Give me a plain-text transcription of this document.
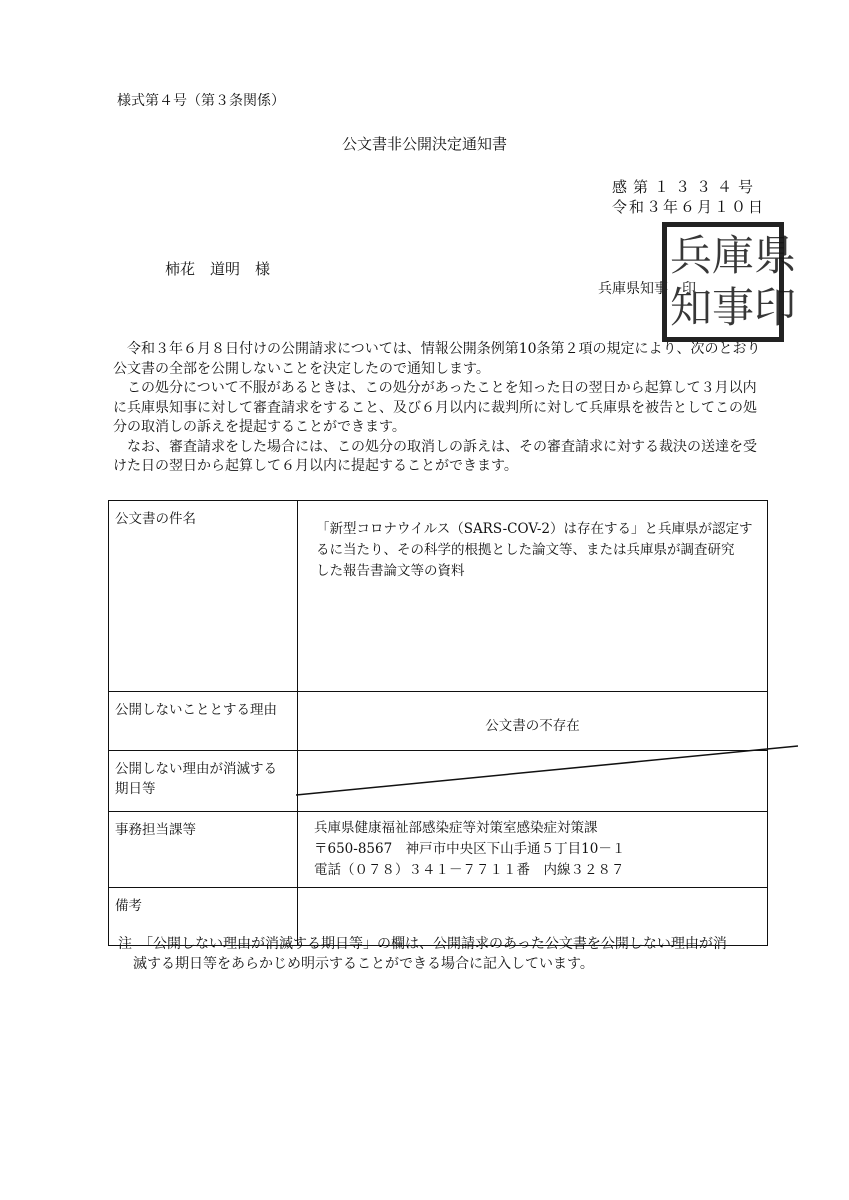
様式第４号（第３条関係）
公文書非公開決定通知書
感第１３３４号
令和３年６月１０日
柿花　道明　様
兵庫県知事　印
兵 庫 県
知 事 印

令和３年６月８日付けの公開請求については、情報公開条例第10条第２項の規定により、次のとおり公文書の全部を公開しないことを決定したので通知します。

この処分について不服があるときは、この処分があったことを知った日の翌日から起算して３月以内に兵庫県知事に対して審査請求をすること、及び６月以内に裁判所に対して兵庫県を被告としてこの処分の取消しの訴えを提起することができます。

なお、審査請求をした場合には、この処分の取消しの訴えは、その審査請求に対する裁決の送達を受けた日の翌日から起算して６月以内に提起することができます。

公文書の件名	「新型コロナウイルス（SARS-COV-2）は存在する」と兵庫県が認定す
るに当たり、その科学的根拠とした論文等、または兵庫県が調査研究
した報告書論文等の資料

公開しないこととする理由	公文書の不存在

公開しない理由が消滅する
期日等	

事務担当課等	兵庫県健康福祉部感染症等対策室感染症対策課
〒650-8567　神戸市中央区下山手通５丁目10－１
電話（０７８）３４１－７７１１番　内線３２８７

備考	
注　「公開しない理由が消滅する期日等」の欄は、公開請求のあった公文書を公開しない理由が消
滅する期日等をあらかじめ明示することができる場合に記入しています。
